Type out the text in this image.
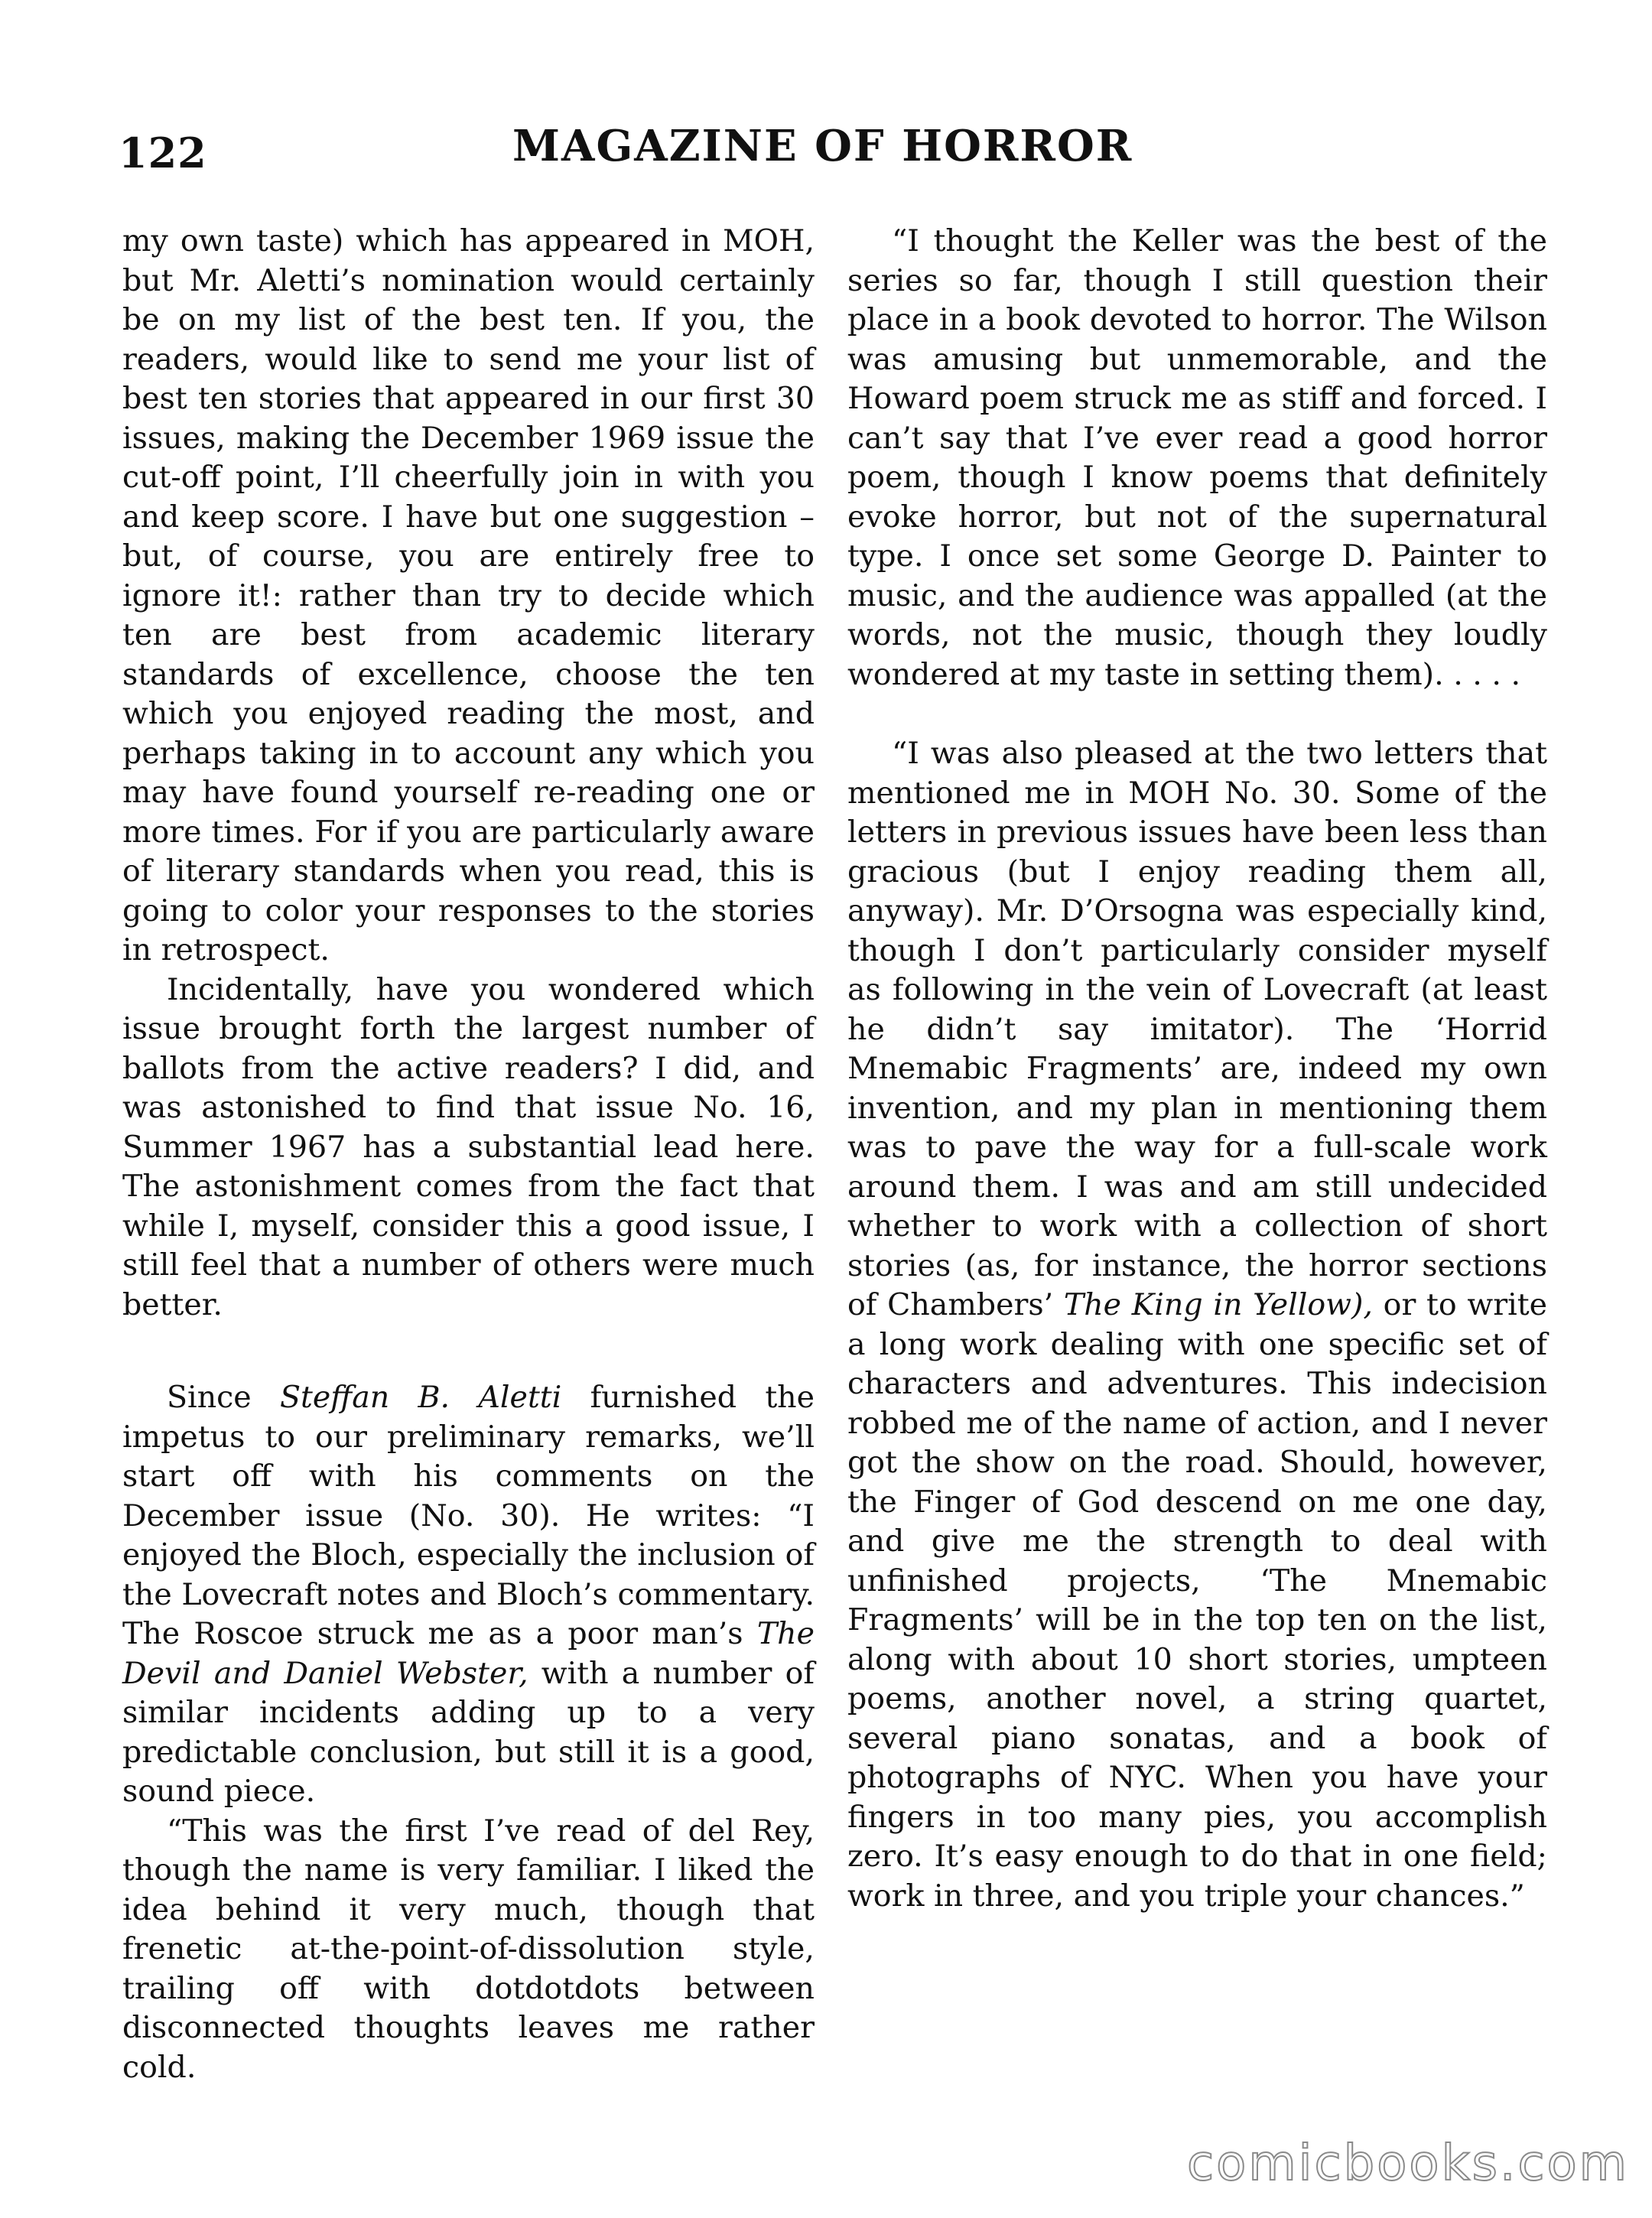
122	MAGAZINE OF HORROR

my own taste) which has appeared in MOH, but Mr. Aletti’s nomination would certainly be on my list of the best ten. If you, the readers, would like to send me your list of best ten stories that appeared in our first 30 issues, making the December 1969 issue the cut-off point, I’ll cheerfully join in with you and keep score. I have but one suggestion – but, of course, you are entirely free to ignore it!: rather than try to decide which ten are best from academic literary standards of excellence, choose the ten which you enjoyed reading the most, and perhaps taking in to account any which you may have found yourself re-reading one or more times. For if you are particularly aware of literary standards when you read, this is going to color your responses to the stories in retrospect.

Incidentally, have you wondered which issue brought forth the largest number of ballots from the active readers? I did, and was astonished to find that issue No. 16, Summer 1967 has a substantial lead here. The astonishment comes from the fact that while I, myself, consider this a good issue, I still feel that a number of others were much better.

Since Steffan B. Aletti furnished the impetus to our preliminary remarks, we’ll start off with his comments on the December issue (No. 30). He writes: “I enjoyed the Bloch, especially the inclusion of the Lovecraft notes and Bloch’s commentary. The Roscoe struck me as a poor man’s The Devil and Daniel Webster, with a number of similar incidents adding up to a very predictable conclusion, but still it is a good, sound piece.

“This was the first I’ve read of del Rey, though the name is very familiar. I liked the idea behind it very much, though that frenetic at-the-point-of-dissolution style, trailing off with dotdotdots between disconnected thoughts leaves me rather cold.

“I thought the Keller was the best of the series so far, though I still question their place in a book devoted to horror. The Wilson was amusing but unmemorable, and the Howard poem struck me as stiff and forced. I can’t say that I’ve ever read a good horror poem, though I know poems that definitely evoke horror, but not of the supernatural type. I once set some George D. Painter to music, and the audience was appalled (at the words, not the music, though they loudly wondered at my taste in setting them). . . . .

“I was also pleased at the two letters that mentioned me in MOH No. 30. Some of the letters in previous issues have been less than gracious (but I enjoy reading them all, anyway). Mr. D’Orsogna was especially kind, though I don’t particularly consider myself as following in the vein of Lovecraft (at least he didn’t say imitator). The ‘Horrid Mnemabic Fragments’ are, indeed my own invention, and my plan in mentioning them was to pave the way for a full-scale work around them. I was and am still undecided whether to work with a collection of short stories (as, for instance, the horror sections of Chambers’ The King in Yellow), or to write a long work dealing with one specific set of characters and adventures. This indecision robbed me of the name of action, and I never got the show on the road. Should, however, the Finger of God descend on me one day, and give me the strength to deal with unfinished projects, ‘The Mnemabic Fragments’ will be in the top ten on the list, along with about 10 short stories, umpteen poems, another novel, a string quartet, several piano sonatas, and a book of photographs of NYC. When you have your fingers in too many pies, you accomplish zero. It’s easy enough to do that in one field; work in three, and you triple your chances.”

comicbooks.com
